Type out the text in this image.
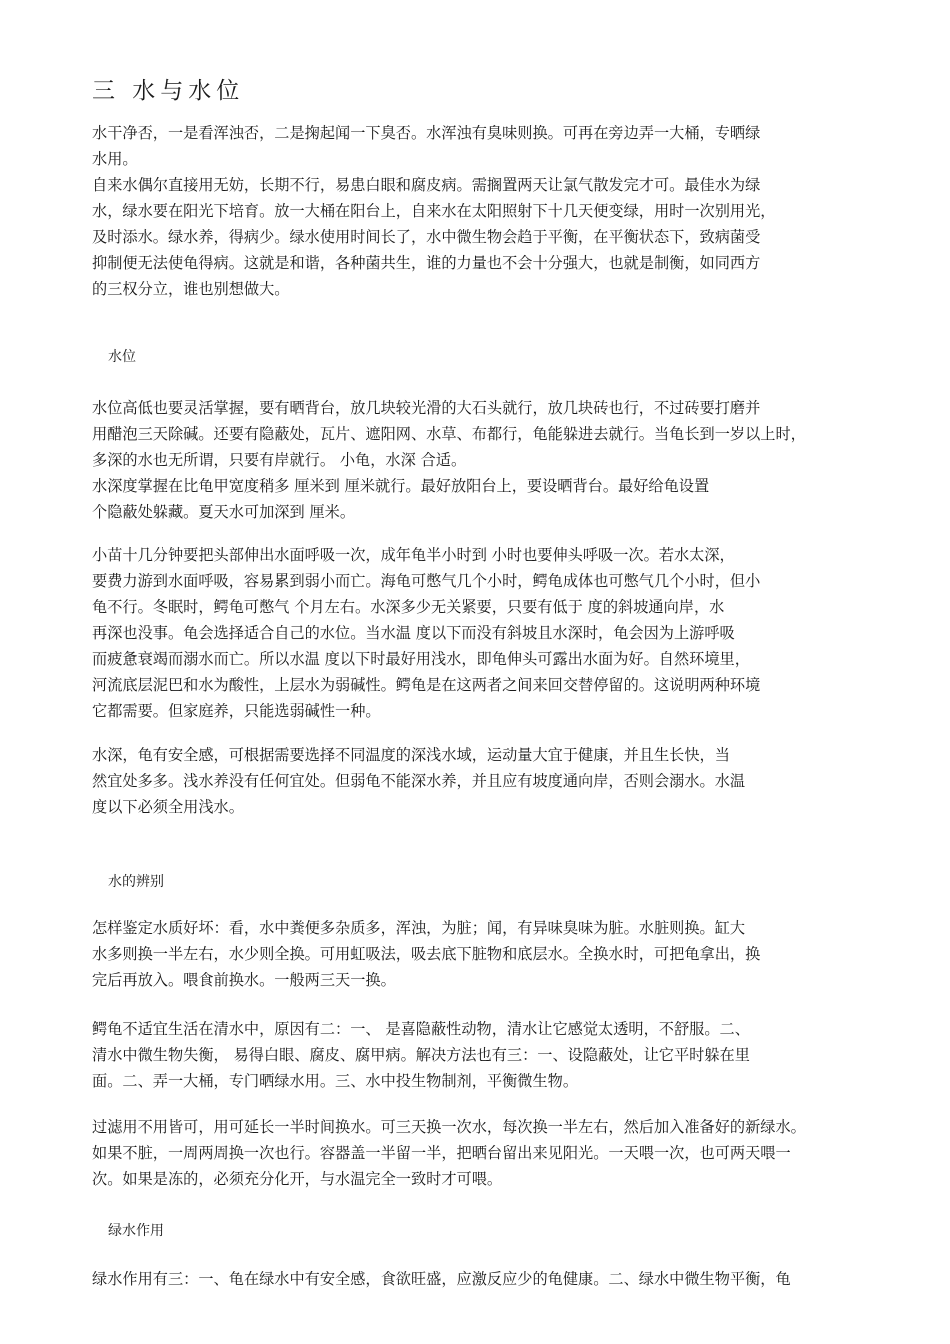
三 水与水位
水干净否，一是看浑浊否，二是掬起闻一下臭否。水浑浊有臭味则换。可再在旁边弄一大桶，专晒绿
水用。
自来水偶尔直接用无妨，长期不行，易患白眼和腐皮病。需搁置两天让氯气散发完才可。最佳水为绿
水，绿水要在阳光下培育。放一大桶在阳台上，自来水在太阳照射下十几天便变绿，用时一次别用光，
及时添水。绿水养，得病少。绿水使用时间长了，水中微生物会趋于平衡，在平衡状态下，致病菌受
抑制便无法使龟得病。这就是和谐，各种菌共生，谁的力量也不会十分强大，也就是制衡，如同西方
的三权分立，谁也别想做大。
水位
水位高低也要灵活掌握，要有晒背台，放几块较光滑的大石头就行，放几块砖也行，不过砖要打磨并
用醋泡三天除碱。还要有隐蔽处，瓦片、遮阳网、水草、布都行，龟能躲进去就行。当龟长到一岁以上时，
多深的水也无所谓，只要有岸就行。 小龟，水深 合适。
水深度掌握在比龟甲宽度稍多 厘米到 厘米就行。最好放阳台上，要设晒背台。最好给龟设置
个隐蔽处躲藏。夏天水可加深到 厘米。
小苗十几分钟要把头部伸出水面呼吸一次，成年龟半小时到 小时也要伸头呼吸一次。若水太深，
要费力游到水面呼吸，容易累到弱小而亡。海龟可憋气几个小时，鳄龟成体也可憋气几个小时，但小
龟不行。冬眠时，鳄龟可憋气 个月左右。水深多少无关紧要，只要有低于 度的斜坡通向岸，水
再深也没事。龟会选择适合自己的水位。当水温 度以下而没有斜坡且水深时，龟会因为上游呼吸
而疲惫衰竭而溺水而亡。所以水温 度以下时最好用浅水，即龟伸头可露出水面为好。自然环境里，
河流底层泥巴和水为酸性，上层水为弱碱性。鳄龟是在这两者之间来回交替停留的。这说明两种环境
它都需要。但家庭养，只能选弱碱性一种。
水深，龟有安全感，可根据需要选择不同温度的深浅水域，运动量大宜于健康，并且生长快，当
然宜处多多。浅水养没有任何宜处。但弱龟不能深水养，并且应有坡度通向岸，否则会溺水。水温
度以下必须全用浅水。
水的辨别
怎样鉴定水质好坏：看，水中粪便多杂质多，浑浊，为脏；闻，有异味臭味为脏。水脏则换。缸大
水多则换一半左右，水少则全换。可用虹吸法，吸去底下脏物和底层水。全换水时，可把龟拿出，换
完后再放入。喂食前换水。一般两三天一换。
鳄龟不适宜生活在清水中，原因有二：一、 是喜隐蔽性动物，清水让它感觉太透明，不舒服。二、
清水中微生物失衡， 易得白眼、腐皮、腐甲病。解决方法也有三：一、设隐蔽处，让它平时躲在里
面。二、弄一大桶，专门晒绿水用。三、水中投生物制剂，平衡微生物。
过滤用不用皆可，用可延长一半时间换水。可三天换一次水，每次换一半左右，然后加入准备好的新绿水。
如果不脏，一周两周换一次也行。容器盖一半留一半，把晒台留出来见阳光。一天喂一次，也可两天喂一
次。如果是冻的，必须充分化开，与水温完全一致时才可喂。
绿水作用
绿水作用有三：一、龟在绿水中有安全感，食欲旺盛，应激反应少的龟健康。二、绿水中微生物平衡，龟
